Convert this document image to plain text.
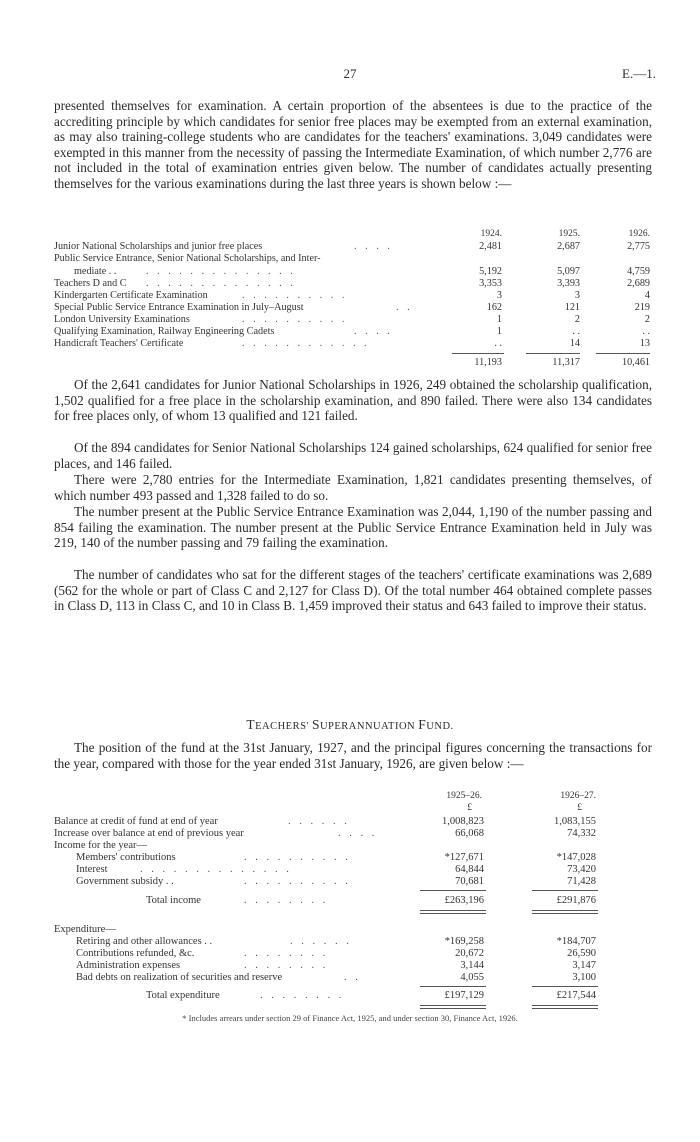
27	E.—1.

presented themselves for examination. A certain proportion of the absentees is due to the practice of the accrediting principle by which candidates for senior free places may be exempted from an external examination, as may also training-college students who are candidates for the teachers' examinations. 3,049 candidates were exempted in this manner from the necessity of passing the Intermediate Examination, of which number 2,776 are not included in the total of examination entries given below. The number of candidates actually presenting themselves for the various examinations during the last three years is shown below :—

1924.	1925.	1926.
Junior National Scholarships and junior free places	. . . .	2,481	2,687	2,775
Public Service Entrance, Senior National Scholarships, and Inter-
mediate . .	. . . . . . . . . . . . . .	5,192	5,097	4,759
Teachers D and C . . . . . . . . . . . . . .	3,353	3,393	2,689
Kindergarten Certificate Examination	. . . . . . . . . .	3	3	4
Special Public Service Entrance Examination in July–August	. .	162	121	219
London University Examinations	. . . . . . . . . .	1	2	2
Qualifying Examination, Railway Engineering Cadets	. . . .	1	. .	. .
Handicraft Teachers' Certificate	. . . . . . . . . . . .	. .	14	13
11,193	11,317	10,461

Of the 2,641 candidates for Junior National Scholarships in 1926, 249 obtained the scholarship qualification, 1,502 qualified for a free place in the scholarship examination, and 890 failed. There were also 134 candidates for free places only, of whom 13 qualified and 121 failed.

Of the 894 candidates for Senior National Scholarships 124 gained scholarships, 624 qualified for senior free places, and 146 failed.

There were 2,780 entries for the Intermediate Examination, 1,821 candidates presenting themselves, of which number 493 passed and 1,328 failed to do so.

The number present at the Public Service Entrance Examination was 2,044, 1,190 of the number passing and 854 failing the examination. The number present at the Public Service Entrance Examination held in July was 219, 140 of the number passing and 79 failing the examination.

The number of candidates who sat for the different stages of the teachers' certificate examinations was 2,689 (562 for the whole or part of Class C and 2,127 for Class D). Of the total number 464 obtained complete passes in Class D, 113 in Class C, and 10 in Class B. 1,459 improved their status and 643 failed to improve their status.

TEACHERS' SUPERANNUATION FUND.

The position of the fund at the 31st January, 1927, and the principal figures concerning the transactions for the year, compared with those for the year ended 31st January, 1926, are given below :—

1925–26.	1926–27.
£	£
Balance at credit of fund at end of year	. . . . . .	1,008,823	1,083,155
Increase over balance at end of previous year	. . . .	66,068	74,332
Income for the year—
Members' contributions	. . . . . . . . . .	*127,671	*147,028
Interest	. . . . . . . . . . . . . .	64,844	73,420
Government subsidy . .	. . . . . . . . . .	70,681	71,428
Total income	. . . . . . . .	£263,196	£291,876
Expenditure—
Retiring and other allowances . .	. . . . . .	*169,258	*184,707
Contributions refunded, &c.	. . . . . . . .	20,672	26,590
Administration expenses	. . . . . . . .	3,144	3,147
Bad debts on realization of securities and reserve	. .	4,055	3,100
Total expenditure	. . . . . . . .	£197,129	£217,544
* Includes arrears under section 29 of Finance Act, 1925, and under section 30, Finance Act, 1926.
